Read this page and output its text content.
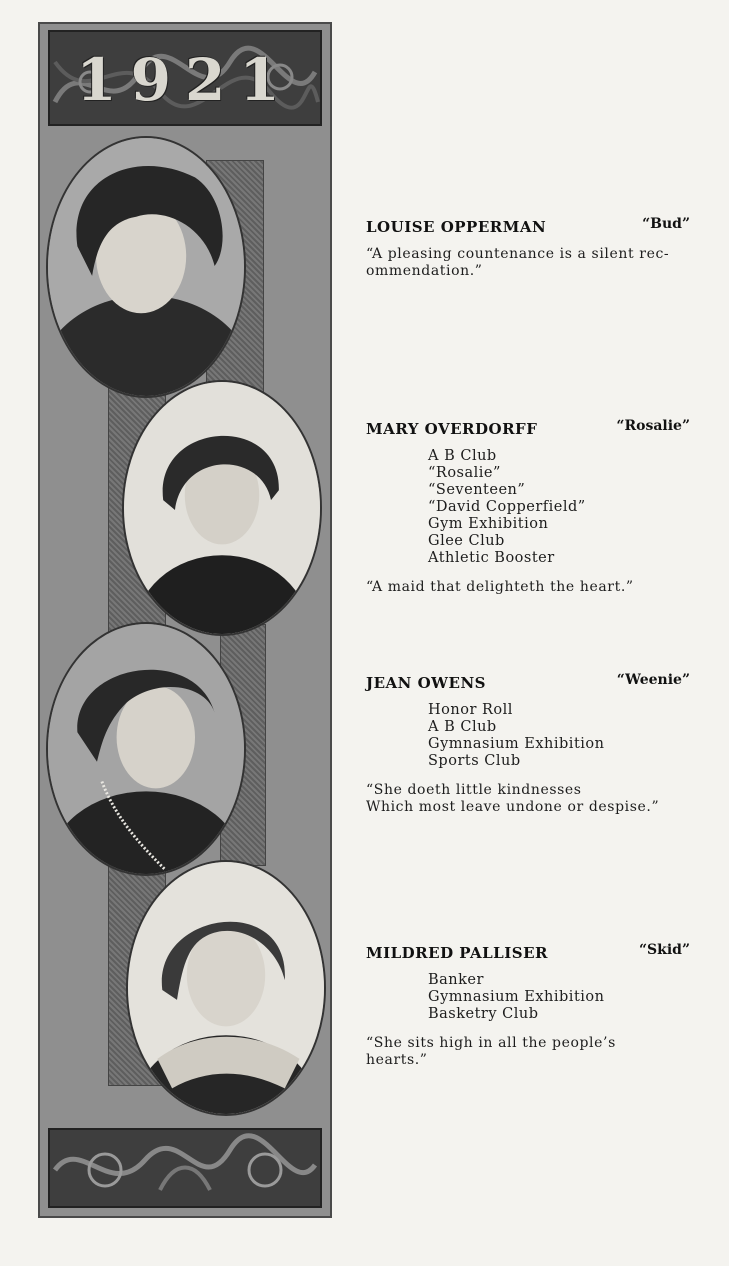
1921
LOUISE OPPERMAN	“Bud”
“A pleasing countenance is a silent rec-
ommendation.”
MARY OVERDORFF	“Rosalie”
A B Club
“Rosalie”
“Seventeen”
“David Copperfield”
Gym Exhibition
Glee Club
Athletic Booster
“A maid that delighteth the heart.”
JEAN OWENS	“Weenie”
Honor Roll
A B Club
Gymnasium Exhibition
Sports Club
“She doeth little kindnesses
Which most leave undone or despise.”
MILDRED PALLISER	“Skid”
Banker
Gymnasium Exhibition
Basketry Club
“She sits high in all the people’s
hearts.”
